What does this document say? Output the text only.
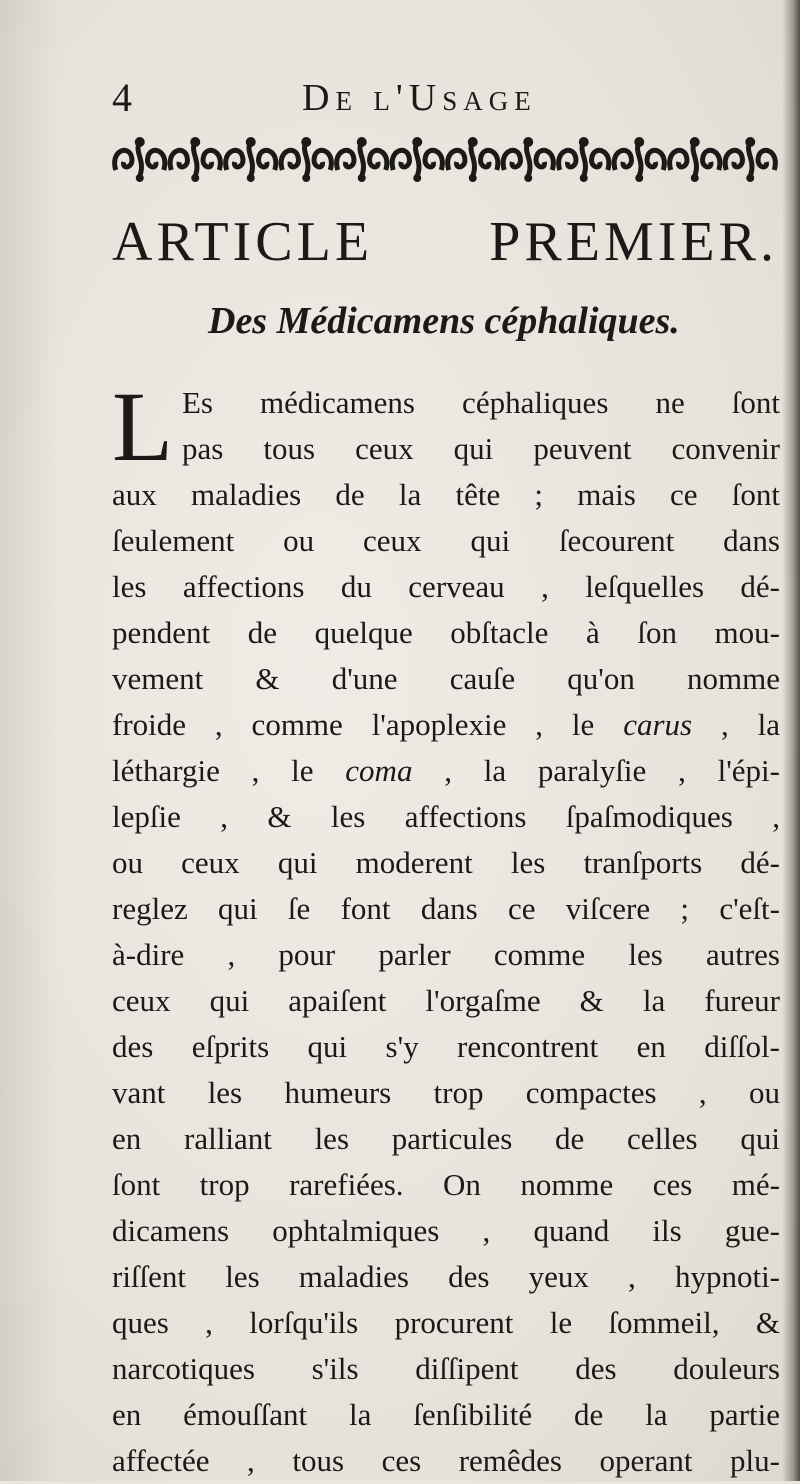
4	De l'Usage
ARTICLE PREMIER.
Des Médicamens céphaliques.
L Es médicamens céphaliques ne ſont
pas tous ceux qui peuvent convenir
aux maladies de la tête ; mais ce ſont
ſeulement ou ceux qui ſecourent dans
les affections du cerveau , leſquelles dé-
pendent de quelque obſtacle à ſon mou-
vement & d'une cauſe qu'on nomme
froide , comme l'apoplexie , le carus , la
léthargie , le coma , la paralyſie , l'épi-
lepſie , & les affections ſpaſmodiques ,
ou ceux qui moderent les tranſports dé-
reglez qui ſe font dans ce viſcere ; c'eſt-
à-dire , pour parler comme les autres
ceux qui apaiſent l'orgaſme & la fureur
des eſprits qui s'y rencontrent en diſſol-
vant les humeurs trop compactes , ou
en ralliant les particules de celles qui
ſont trop rarefiées. On nomme ces mé-
dicamens ophtalmiques , quand ils gue-
riſſent les maladies des yeux , hypnoti-
ques , lorſqu'ils procurent le ſommeil, &
narcotiques s'ils diſſipent des douleurs
en émouſſant la ſenſibilité de la partie
affectée , tous ces remêdes operant plu-
